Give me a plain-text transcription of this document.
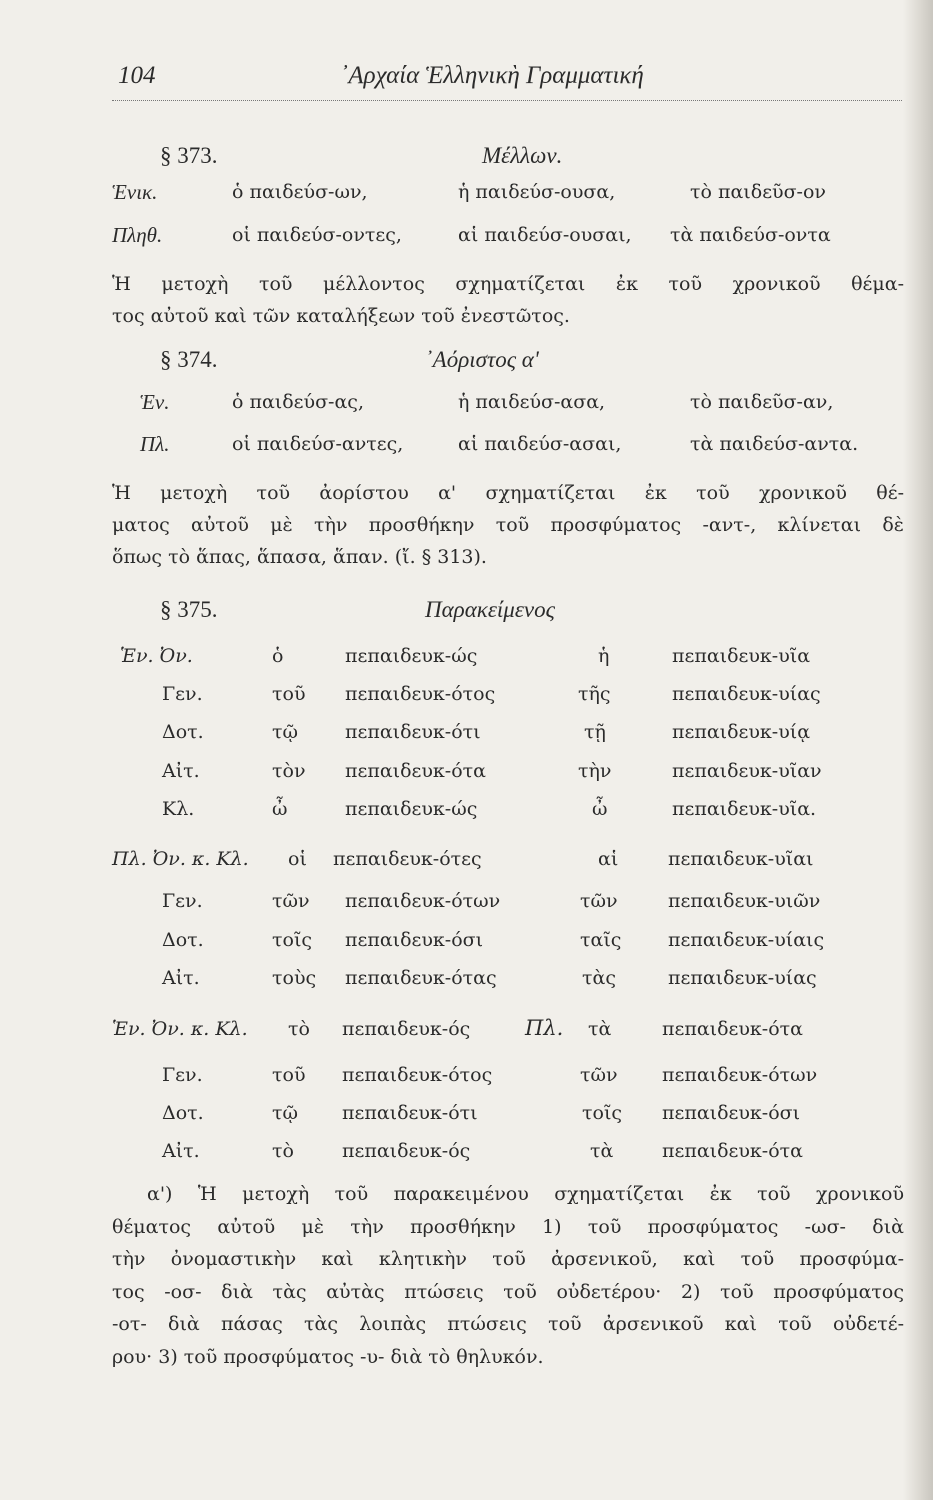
104	᾿Αρχαία Ἑλληνικὴ Γραμματική
§ 373.	Μέλλων.
Ἑνικ.	ὁ παιδεύσ-ων,	ἡ παιδεύσ-ουσα,	τὸ παιδεῦσ-ον
Πληθ.	οἱ παιδεύσ-οντες,	αἱ παιδεύσ-ουσαι, τὰ παιδεύσ-οντα
Ἡ μετοχὴ τοῦ μέλλοντος σχηματίζεται ἐκ τοῦ χρονικοῦ θέμα-
τος αὐτοῦ καὶ τῶν καταλήξεων τοῦ ἐνεστῶτος.
§ 374.	᾿Αόριστος α'
Ἑν.	ὁ παιδεύσ-ας,	ἡ παιδεύσ-ασα,	τὸ παιδεῦσ-αν,
Πλ.	οἱ παιδεύσ-αντες,	αἱ παιδεύσ-ασαι,	τὰ παιδεύσ-αντα.
Ἡ μετοχὴ τοῦ ἀορίστου α' σχηματίζεται ἐκ τοῦ χρονικοῦ θέ-
ματος αὐτοῦ μὲ τὴν προσθήκην τοῦ προσφύματος -αντ-, κλίνεται δὲ
ὅπως τὸ ἅπας, ἅπασα, ἅπαν. (ἴ. § 313).
§ 375.	Παρακείμενος
Ἑν. Ὀν.	ὁ	πεπαιδευκ-ώς	ἡ	πεπαιδευκ-υῖα
Γεν.	τοῦ πεπαιδευκ-ότος	τῆς	πεπαιδευκ-υίας
Δοτ.	τῷ πεπαιδευκ-ότι	τῇ	πεπαιδευκ-υίᾳ
Αἰτ.	τὸν πεπαιδευκ-ότα	τὴν	πεπαιδευκ-υῖαν
Κλ.	ὦ	πεπαιδευκ-ώς	ὦ	πεπαιδευκ-υῖα.
Πλ. Ὀν. κ. Κλ. οἱ πεπαιδευκ-ότες	αἱ	πεπαιδευκ-υῖαι
Γεν.	τῶν πεπαιδευκ-ότων	τῶν	πεπαιδευκ-υιῶν
Δοτ.	τοῖς πεπαιδευκ-όσι	ταῖς πεπαιδευκ-υίαις
Αἰτ.	τοὺς πεπαιδευκ-ότας	τὰς	πεπαιδευκ-υίας
Ἑν. Ὀν. κ. Κλ. τὸ πεπαιδευκ-ός	Πλ. τὰ	πεπαιδευκ-ότα
Γεν.	τοῦ πεπαιδευκ-ότος	τῶν πεπαιδευκ-ότων
Δοτ.	τῷ πεπαιδευκ-ότι	τοῖς πεπαιδευκ-όσι
Αἰτ.	τὸ	πεπαιδευκ-ός	τὰ	πεπαιδευκ-ότα
α') Ἡ μετοχὴ τοῦ παρακειμένου σχηματίζεται ἐκ τοῦ χρονικοῦ
θέματος αὐτοῦ μὲ τὴν προσθήκην 1) τοῦ προσφύματος -ωσ- διὰ
τὴν ὀνομαστικὴν καὶ κλητικὴν τοῦ ἀρσενικοῦ, καὶ τοῦ προσφύμα-
τος -οσ- διὰ τὰς αὐτὰς πτώσεις τοῦ οὐδετέρου· 2) τοῦ προσφύματος
-οτ- διὰ πάσας τὰς λοιπὰς πτώσεις τοῦ ἀρσενικοῦ καὶ τοῦ οὐδετέ-
ρου· 3) τοῦ προσφύματος -υ- διὰ τὸ θηλυκόν.
